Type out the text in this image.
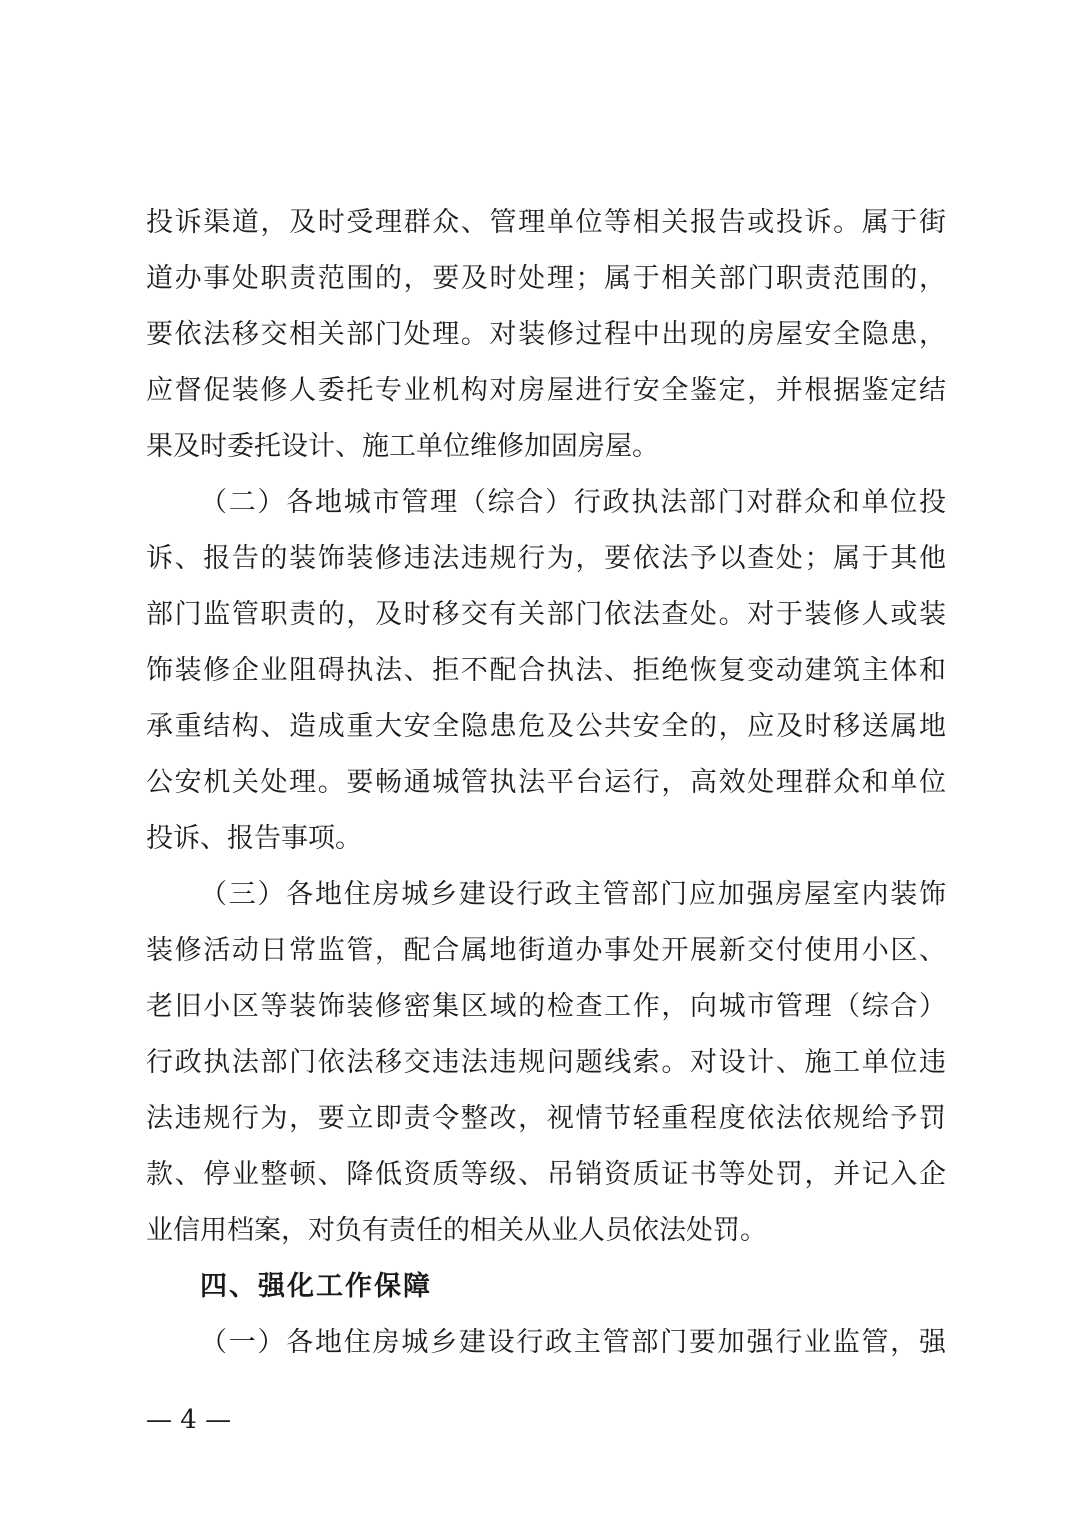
投诉渠道，及时受理群众、管理单位等相关报告或投诉。属于街
道办事处职责范围的，要及时处理；属于相关部门职责范围的，
要依法移交相关部门处理。对装修过程中出现的房屋安全隐患，
应督促装修人委托专业机构对房屋进行安全鉴定，并根据鉴定结
果及时委托设计、施工单位维修加固房屋。
（二）各地城市管理（综合）行政执法部门对群众和单位投
诉、报告的装饰装修违法违规行为，要依法予以查处；属于其他
部门监管职责的，及时移交有关部门依法查处。对于装修人或装
饰装修企业阻碍执法、拒不配合执法、拒绝恢复变动建筑主体和
承重结构、造成重大安全隐患危及公共安全的，应及时移送属地
公安机关处理。要畅通城管执法平台运行，高效处理群众和单位
投诉、报告事项。
（三）各地住房城乡建设行政主管部门应加强房屋室内装饰
装修活动日常监管，配合属地街道办事处开展新交付使用小区、
老旧小区等装饰装修密集区域的检查工作，向城市管理（综合）
行政执法部门依法移交违法违规问题线索。对设计、施工单位违
法违规行为，要立即责令整改，视情节轻重程度依法依规给予罚
款、停业整顿、降低资质等级、吊销资质证书等处罚，并记入企
业信用档案，对负有责任的相关从业人员依法处罚。
四、强化工作保障
（一）各地住房城乡建设行政主管部门要加强行业监管，强
— 4 —
